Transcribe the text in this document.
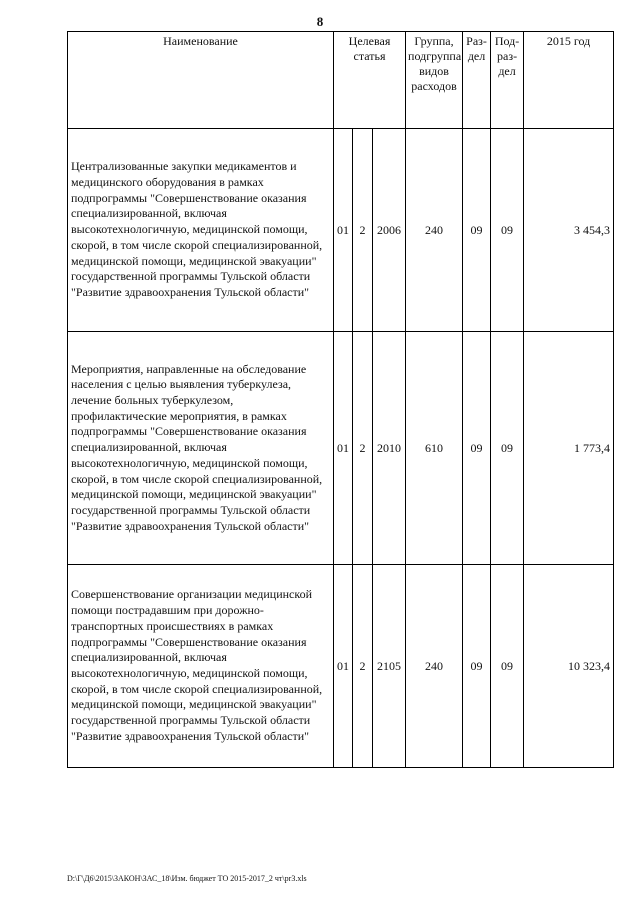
8
Наименование	Целевая статья			Группа, подгруппа видов расходов	Раз-дел	Под-раз-дел	2015 год
Централизованные закупки медикаментов и медицинского оборудования в рамках подпрограммы "Совершенствование оказания специализированной, включая высокотехнологичную, медицинской помощи, скорой, в том числе скорой специализированной, медицинской помощи, медицинской эвакуации" государственной программы Тульской области "Развитие здравоохранения Тульской области"	01	2	2006	240	09	09	3 454,3
Мероприятия, направленные на обследование населения с целью выявления туберкулеза, лечение больных туберкулезом, профилактические мероприятия, в рамках подпрограммы "Совершенствование оказания специализированной, включая высокотехнологичную, медицинской помощи, скорой, в том числе скорой специализированной, медицинской помощи, медицинской эвакуации" государственной программы Тульской области "Развитие здравоохранения Тульской области"	01	2	2010	610	09	09	1 773,4
Совершенствование организации медицинской помощи пострадавшим при дорожно-транспортных происшествиях в рамках подпрограммы "Совершенствование оказания специализированной, включая высокотехнологичную, медицинской помощи, скорой, в том числе скорой специализированной, медицинской помощи, медицинской эвакуации" государственной программы Тульской области "Развитие здравоохранения Тульской области"	01	2	2105	240	09	09	10 323,4
D:\Г\Д6\2015\ЗАКОН\ЗАС_18\Изм. бюджет ТО 2015-2017_2 чт\рr3.xls
